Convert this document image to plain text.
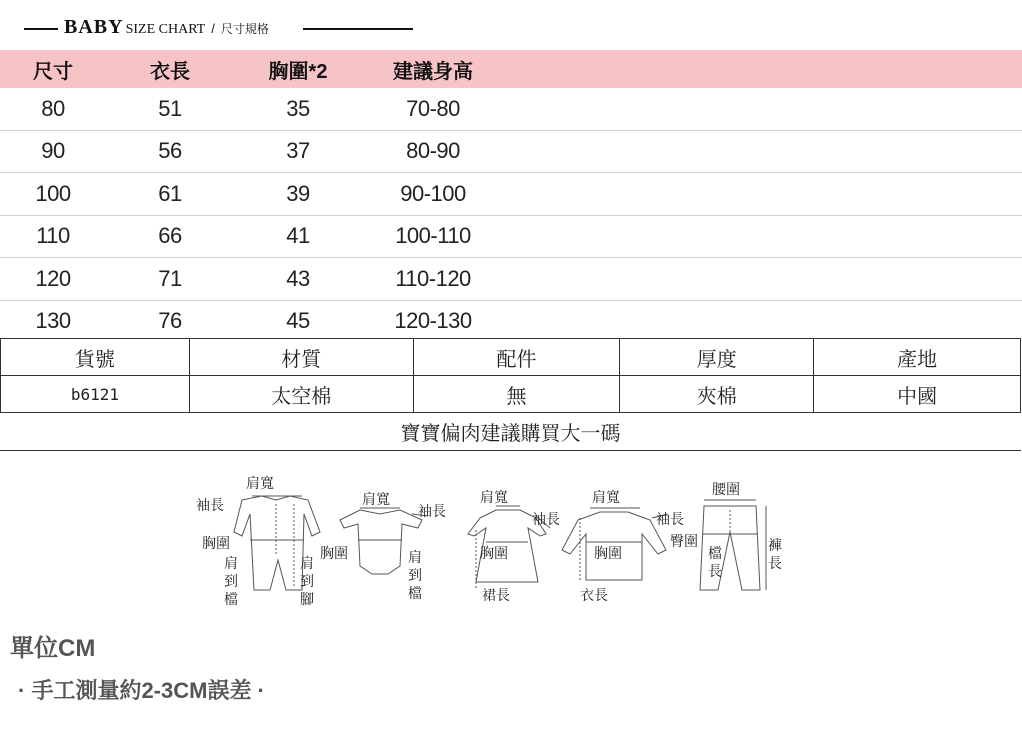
BABY SIZE CHART / 尺寸規格
尺寸	衣長	胸圍*2	建議身高
80	51	35	70-80
90	56	37	80-90
100	61	39	90-100
110	66	41	100-110
120	71	43	110-120
130	76	45	120-130
貨號	材質	配件	厚度	產地
b6121	太空棉	無	夾棉	中國
寶寶偏肉建議購買大一碼
袖長
肩寬
胸圍
肩
到
檔
肩
到
腳
肩寬
袖長
胸圍	肩
到
檔
肩寬
袖長
胸圍
裙長
肩寬
袖長
胸圍
衣長
腰圍
臀圍
檔
長
褲
長
單位CM
· 手工測量約2-3CM誤差 ·
